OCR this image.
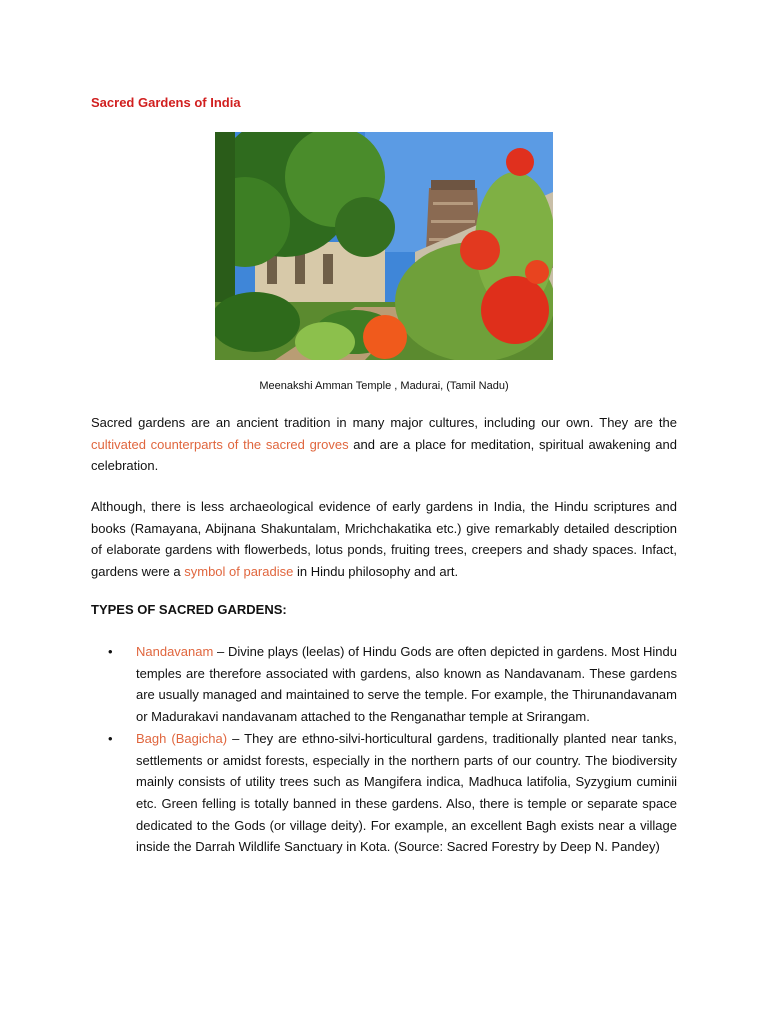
Sacred Gardens of India
Meenakshi Amman Temple , Madurai, (Tamil Nadu)

Sacred gardens are an ancient tradition in many major cultures, including our own. They are the cultivated counterparts of the sacred groves and are a place for meditation, spiritual awakening and celebration.

Although, there is less archaeological evidence of early gardens in India, the Hindu scriptures and books (Ramayana, Abijnana Shakuntalam, Mrichchakatika etc.) give remarkably detailed description of elaborate gardens with flowerbeds, lotus ponds, fruiting trees, creepers and shady spaces. Infact, gardens were a symbol of paradise in Hindu philosophy and art.

TYPES OF SACRED GARDENS:
• Nandavanam – Divine plays (leelas) of Hindu Gods are often depicted in gardens. Most Hindu temples are therefore associated with gardens, also known as Nandavanam. These gardens are usually managed and maintained to serve the temple. For example, the Thirunandavanam or Madurakavi nandavanam attached to the Renganathar temple at Srirangam.
• Bagh (Bagicha) – They are ethno-silvi-horticultural gardens, traditionally planted near tanks, settlements or amidst forests, especially in the northern parts of our country. The biodiversity mainly consists of utility trees such as Mangifera indica, Madhuca latifolia, Syzygium cuminii etc. Green felling is totally banned in these gardens. Also, there is temple or separate space dedicated to the Gods (or village deity). For example, an excellent Bagh exists near a village inside the Darrah Wildlife Sanctuary in Kota. (Source: Sacred Forestry by Deep N. Pandey)
